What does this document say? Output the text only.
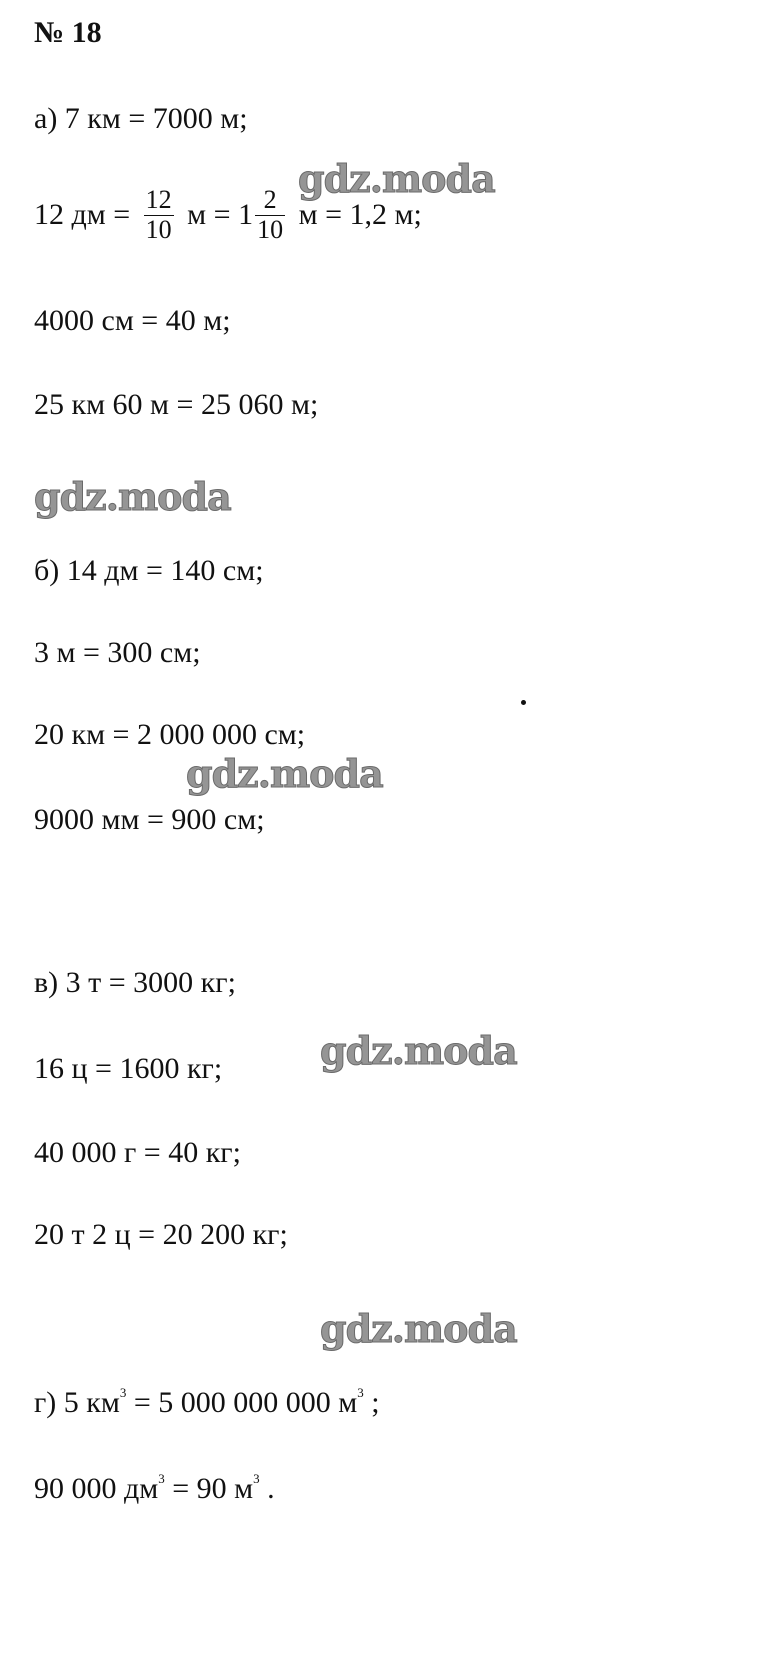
№ 18
а) 7 км = 7000 м;
12 дм = $\frac{12}{10}$ $м = 1 \frac{2}{10}$ м = 1,2 м;
4000 см = 40 м;
25 км 60 м = 25 060 м;
б) 14 дм = 140 см;
3 м = 300 см;
20 км = 2 000 000 см;
9000 мм = 900 см;
в) 3 т = 3000 кг;
16 ц = 1600 кг;
40 000 г = 40 кг;
20 т 2 ц = 20 200 кг;
г) 5 $км^3 = 5$ 000 000 000 $м^3$ ;
90 000 $дм^3 = 90$ $м^3$ .
gdz.moda
gdz.moda
gdz.moda
gdz.moda
gdz.moda
